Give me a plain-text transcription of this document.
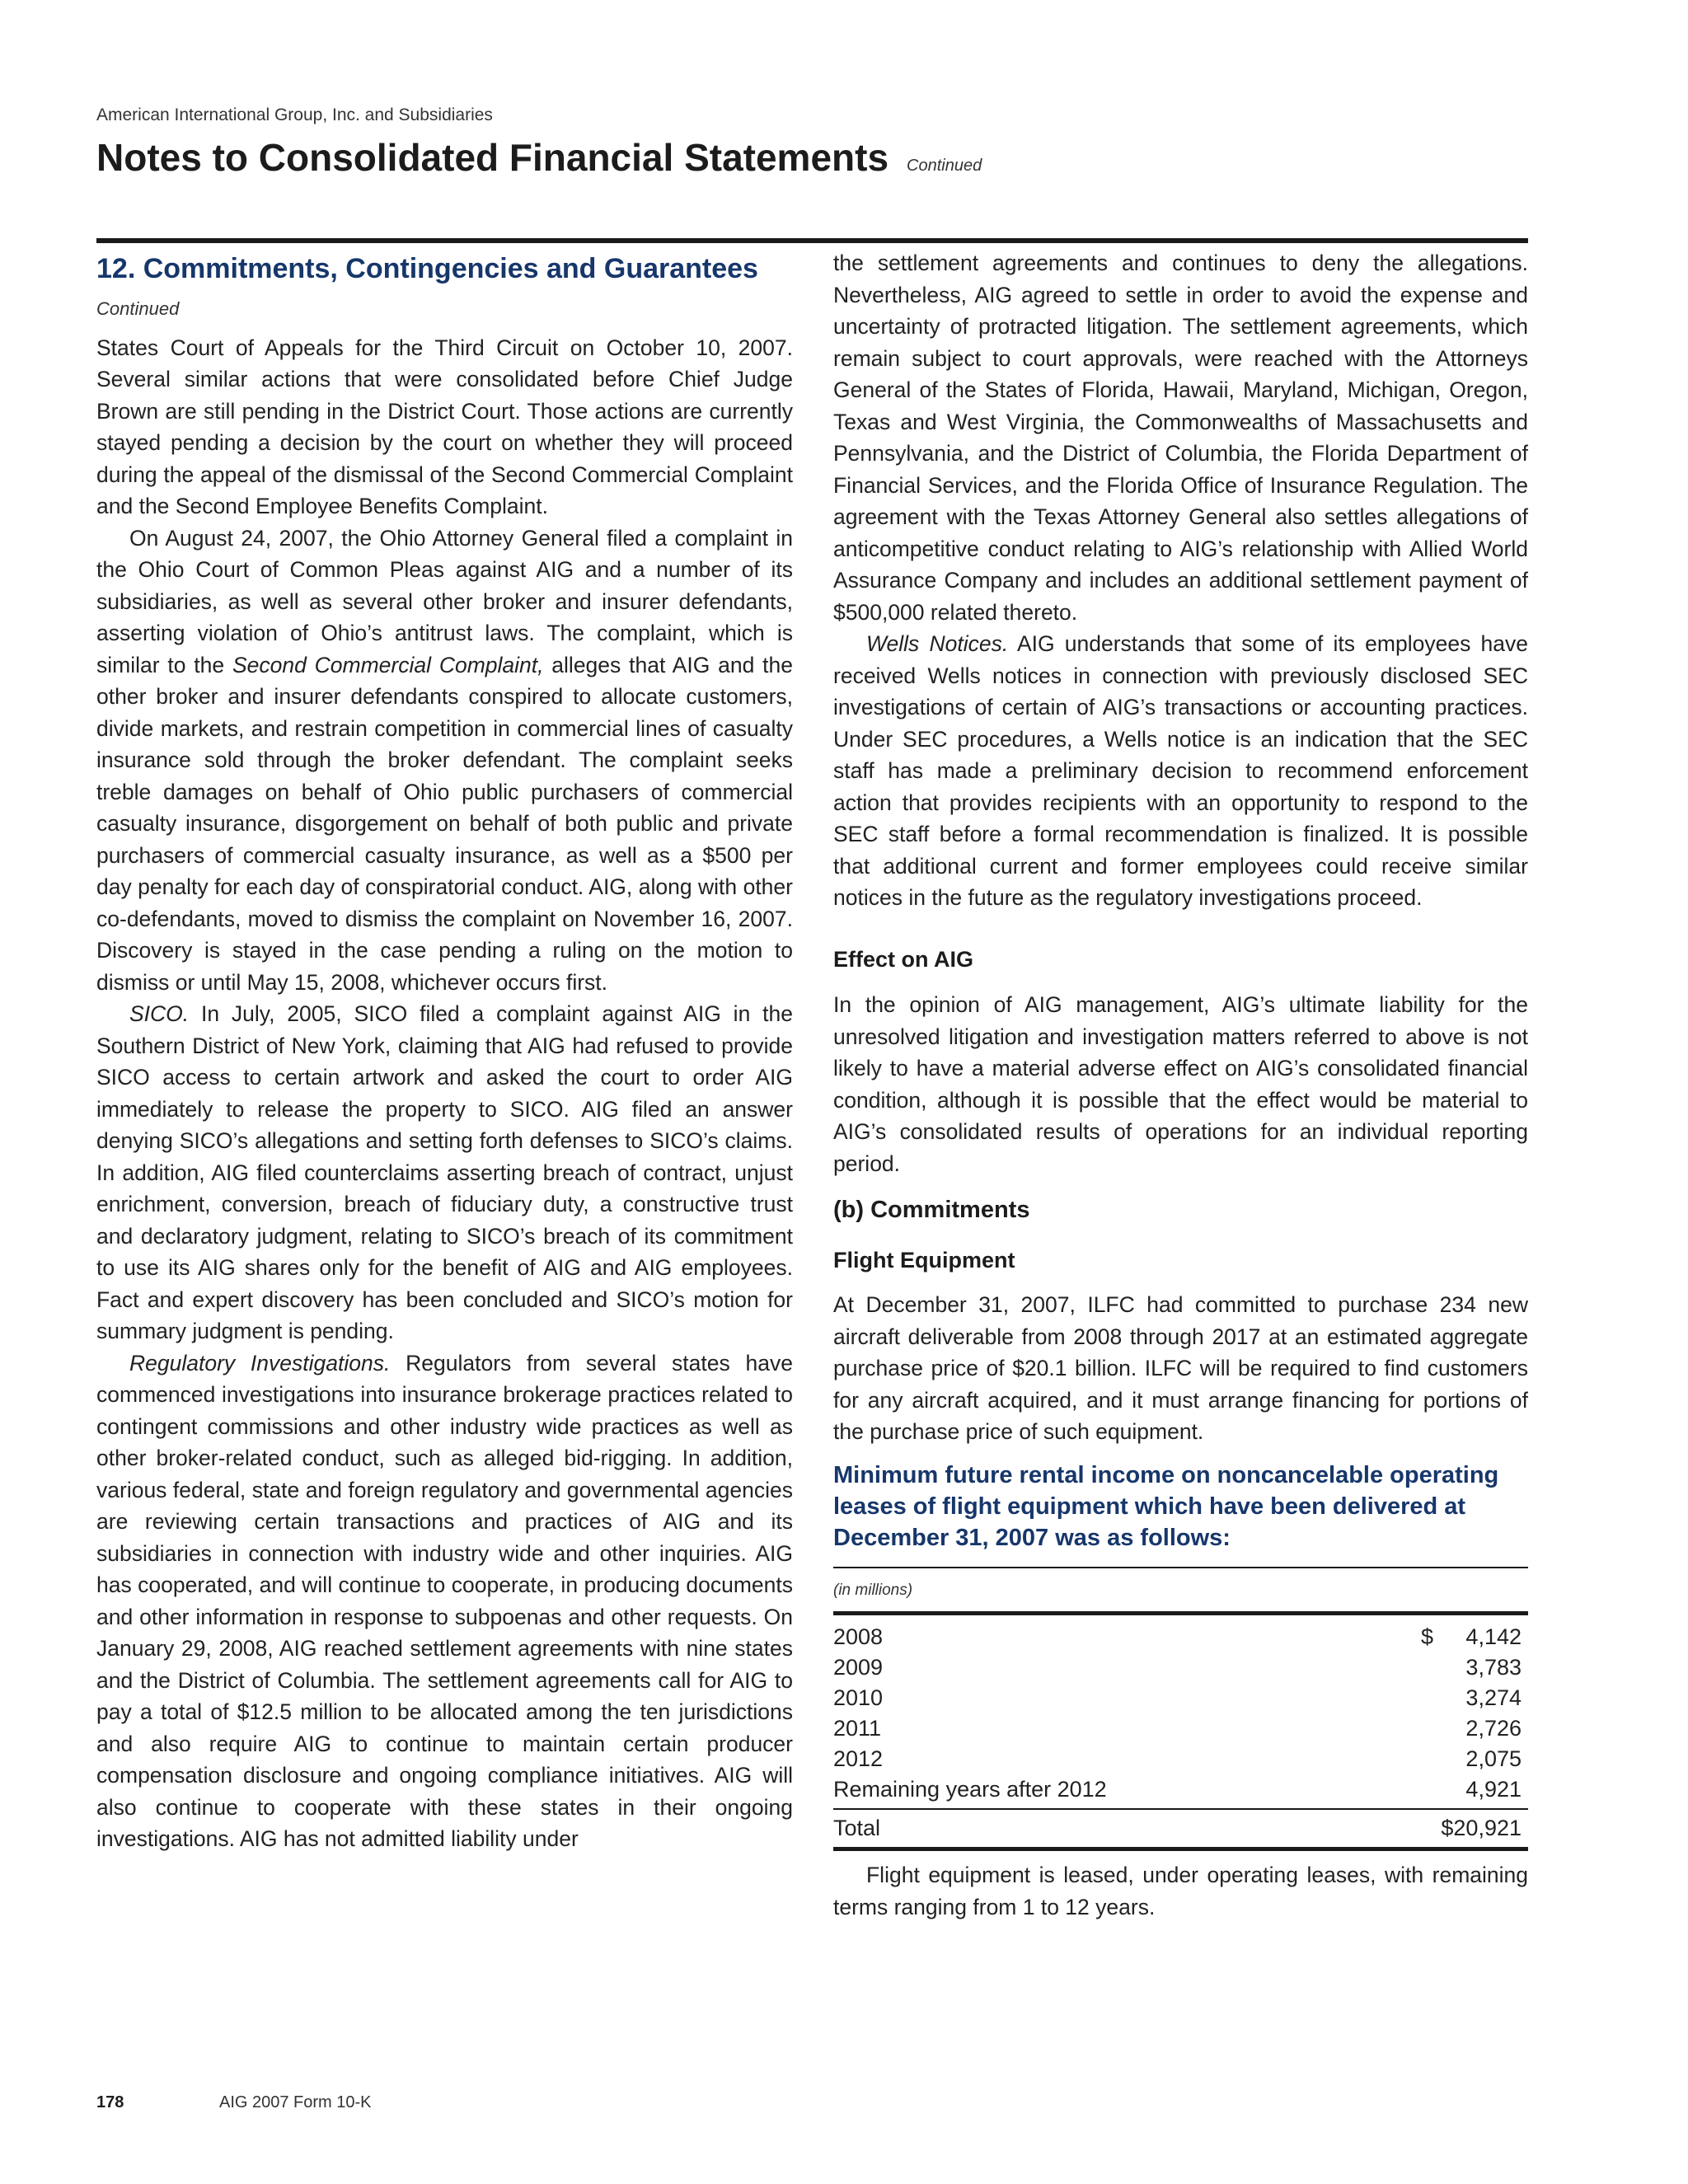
American International Group, Inc. and Subsidiaries
Notes to Consolidated Financial Statements Continued
12. Commitments, Contingencies and Guarantees
Continued

States Court of Appeals for the Third Circuit on October 10, 2007. Several similar actions that were consolidated before Chief Judge Brown are still pending in the District Court. Those actions are currently stayed pending a decision by the court on whether they will proceed during the appeal of the dismissal of the Second Commercial Complaint and the Second Employee Benefits Complaint.

On August 24, 2007, the Ohio Attorney General filed a complaint in the Ohio Court of Common Pleas against AIG and a number of its subsidiaries, as well as several other broker and insurer defendants, asserting violation of Ohio’s antitrust laws. The complaint, which is similar to the Second Commercial Complaint, alleges that AIG and the other broker and insurer defendants conspired to allocate customers, divide markets, and restrain competition in commercial lines of casualty insurance sold through the broker defendant. The complaint seeks treble damages on behalf of Ohio public purchasers of commercial casualty insurance, disgorgement on behalf of both public and private purchasers of commercial casualty insurance, as well as a $500 per day penalty for each day of conspiratorial conduct. AIG, along with other co-defendants, moved to dismiss the complaint on November 16, 2007. Discovery is stayed in the case pending a ruling on the motion to dismiss or until May 15, 2008, whichever occurs first.

SICO. In July, 2005, SICO filed a complaint against AIG in the Southern District of New York, claiming that AIG had refused to provide SICO access to certain artwork and asked the court to order AIG immediately to release the property to SICO. AIG filed an answer denying SICO’s allegations and setting forth defenses to SICO’s claims. In addition, AIG filed counterclaims asserting breach of contract, unjust enrichment, conversion, breach of fiduciary duty, a constructive trust and declaratory judgment, relating to SICO’s breach of its commitment to use its AIG shares only for the benefit of AIG and AIG employees. Fact and expert discovery has been concluded and SICO’s motion for summary judgment is pending.

Regulatory Investigations. Regulators from several states have commenced investigations into insurance brokerage practices related to contingent commissions and other industry wide practices as well as other broker-related conduct, such as alleged bid-rigging. In addition, various federal, state and foreign regulatory and governmental agencies are reviewing certain transactions and practices of AIG and its subsidiaries in connection with industry wide and other inquiries. AIG has cooperated, and will continue to cooperate, in producing documents and other information in response to subpoenas and other requests. On January 29, 2008, AIG reached settlement agreements with nine states and the District of Columbia. The settlement agreements call for AIG to pay a total of $12.5 million to be allocated among the ten jurisdictions and also require AIG to continue to maintain certain producer compensation disclosure and ongoing compliance initiatives. AIG will also continue to cooperate with these states in their ongoing investigations. AIG has not admitted liability under

the settlement agreements and continues to deny the allegations. Nevertheless, AIG agreed to settle in order to avoid the expense and uncertainty of protracted litigation. The settlement agreements, which remain subject to court approvals, were reached with the Attorneys General of the States of Florida, Hawaii, Maryland, Michigan, Oregon, Texas and West Virginia, the Commonwealths of Massachusetts and Pennsylvania, and the District of Columbia, the Florida Department of Financial Services, and the Florida Office of Insurance Regulation. The agreement with the Texas Attorney General also settles allegations of anticompetitive conduct relating to AIG’s relationship with Allied World Assurance Company and includes an additional settlement payment of $500,000 related thereto.

Wells Notices. AIG understands that some of its employees have received Wells notices in connection with previously disclosed SEC investigations of certain of AIG’s transactions or accounting practices. Under SEC procedures, a Wells notice is an indication that the SEC staff has made a preliminary decision to recommend enforcement action that provides recipients with an opportunity to respond to the SEC staff before a formal recommendation is finalized. It is possible that additional current and former employees could receive similar notices in the future as the regulatory investigations proceed.

Effect on AIG

In the opinion of AIG management, AIG’s ultimate liability for the unresolved litigation and investigation matters referred to above is not likely to have a material adverse effect on AIG’s consolidated financial condition, although it is possible that the effect would be material to AIG’s consolidated results of operations for an individual reporting period.

(b) Commitments
Flight Equipment

At December 31, 2007, ILFC had committed to purchase 234 new aircraft deliverable from 2008 through 2017 at an estimated aggregate purchase price of $20.1 billion. ILFC will be required to find customers for any aircraft acquired, and it must arrange financing for portions of the purchase price of such equipment.

Minimum future rental income on noncancelable operating leases of flight equipment which have been delivered at December 31, 2007 was as follows:
(in millions)
2008	$ 4,142
2009	3,783
2010	3,274
2011	2,726
2012	2,075
Remaining years after 2012	4,921
Total	$20,921

Flight equipment is leased, under operating leases, with remaining terms ranging from 1 to 12 years.

178	AIG 2007 Form 10-K
